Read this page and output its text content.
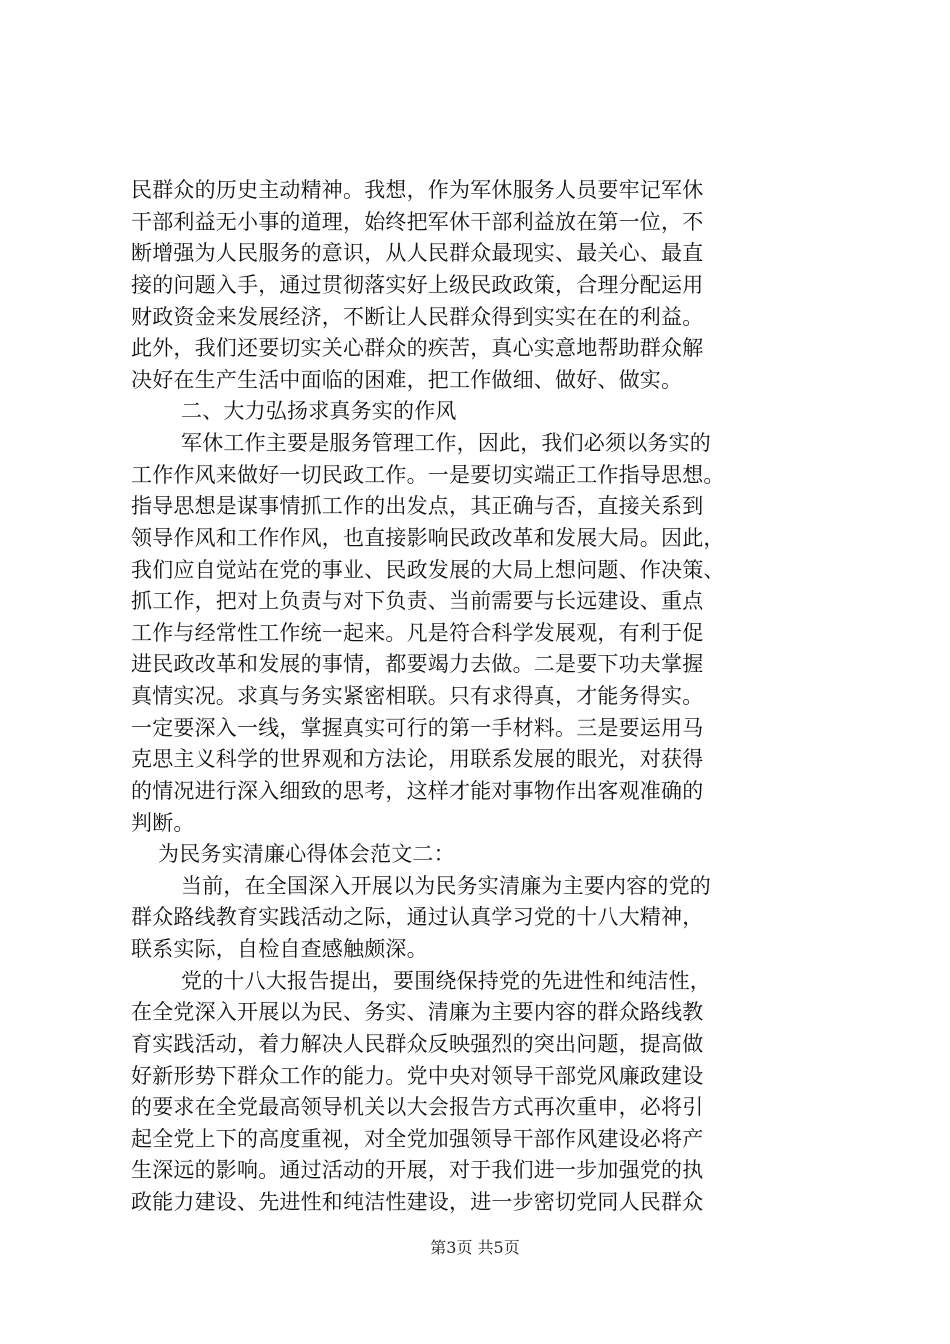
民群众的历史主动精神。我想，作为军休服务人员要牢记军休
干部利益无小事的道理，始终把军休干部利益放在第一位，不
断增强为人民服务的意识，从人民群众最现实、最关心、最直
接的问题入手，通过贯彻落实好上级民政政策，合理分配运用
财政资金来发展经济，不断让人民群众得到实实在在的利益。
此外，我们还要切实关心群众的疾苦，真心实意地帮助群众解
决好在生产生活中面临的困难，把工作做细、做好、做实。
二、大力弘扬求真务实的作风
军休工作主要是服务管理工作，因此，我们必须以务实的
工作作风来做好一切民政工作。一是要切实端正工作指导思想。
指导思想是谋事情抓工作的出发点，其正确与否，直接关系到
领导作风和工作作风，也直接影响民政改革和发展大局。因此，
我们应自觉站在党的事业、民政发展的大局上想问题、作决策、
抓工作，把对上负责与对下负责、当前需要与长远建设、重点
工作与经常性工作统一起来。凡是符合科学发展观，有利于促
进民政改革和发展的事情，都要竭力去做。二是要下功夫掌握
真情实况。求真与务实紧密相联。只有求得真，才能务得实。
一定要深入一线，掌握真实可行的第一手材料。三是要运用马
克思主义科学的世界观和方法论，用联系发展的眼光，对获得
的情况进行深入细致的思考，这样才能对事物作出客观准确的
判断。
为民务实清廉心得体会范文二：
当前，在全国深入开展以为民务实清廉为主要内容的党的
群众路线教育实践活动之际，通过认真学习党的十八大精神，
联系实际，自检自查感触颇深。
党的十八大报告提出，要围绕保持党的先进性和纯洁性，
在全党深入开展以为民、务实、清廉为主要内容的群众路线教
育实践活动，着力解决人民群众反映强烈的突出问题，提高做
好新形势下群众工作的能力。党中央对领导干部党风廉政建设
的要求在全党最高领导机关以大会报告方式再次重申，必将引
起全党上下的高度重视，对全党加强领导干部作风建设必将产
生深远的影响。通过活动的开展，对于我们进一步加强党的执
政能力建设、先进性和纯洁性建设，进一步密切党同人民群众
第3页 共5页
